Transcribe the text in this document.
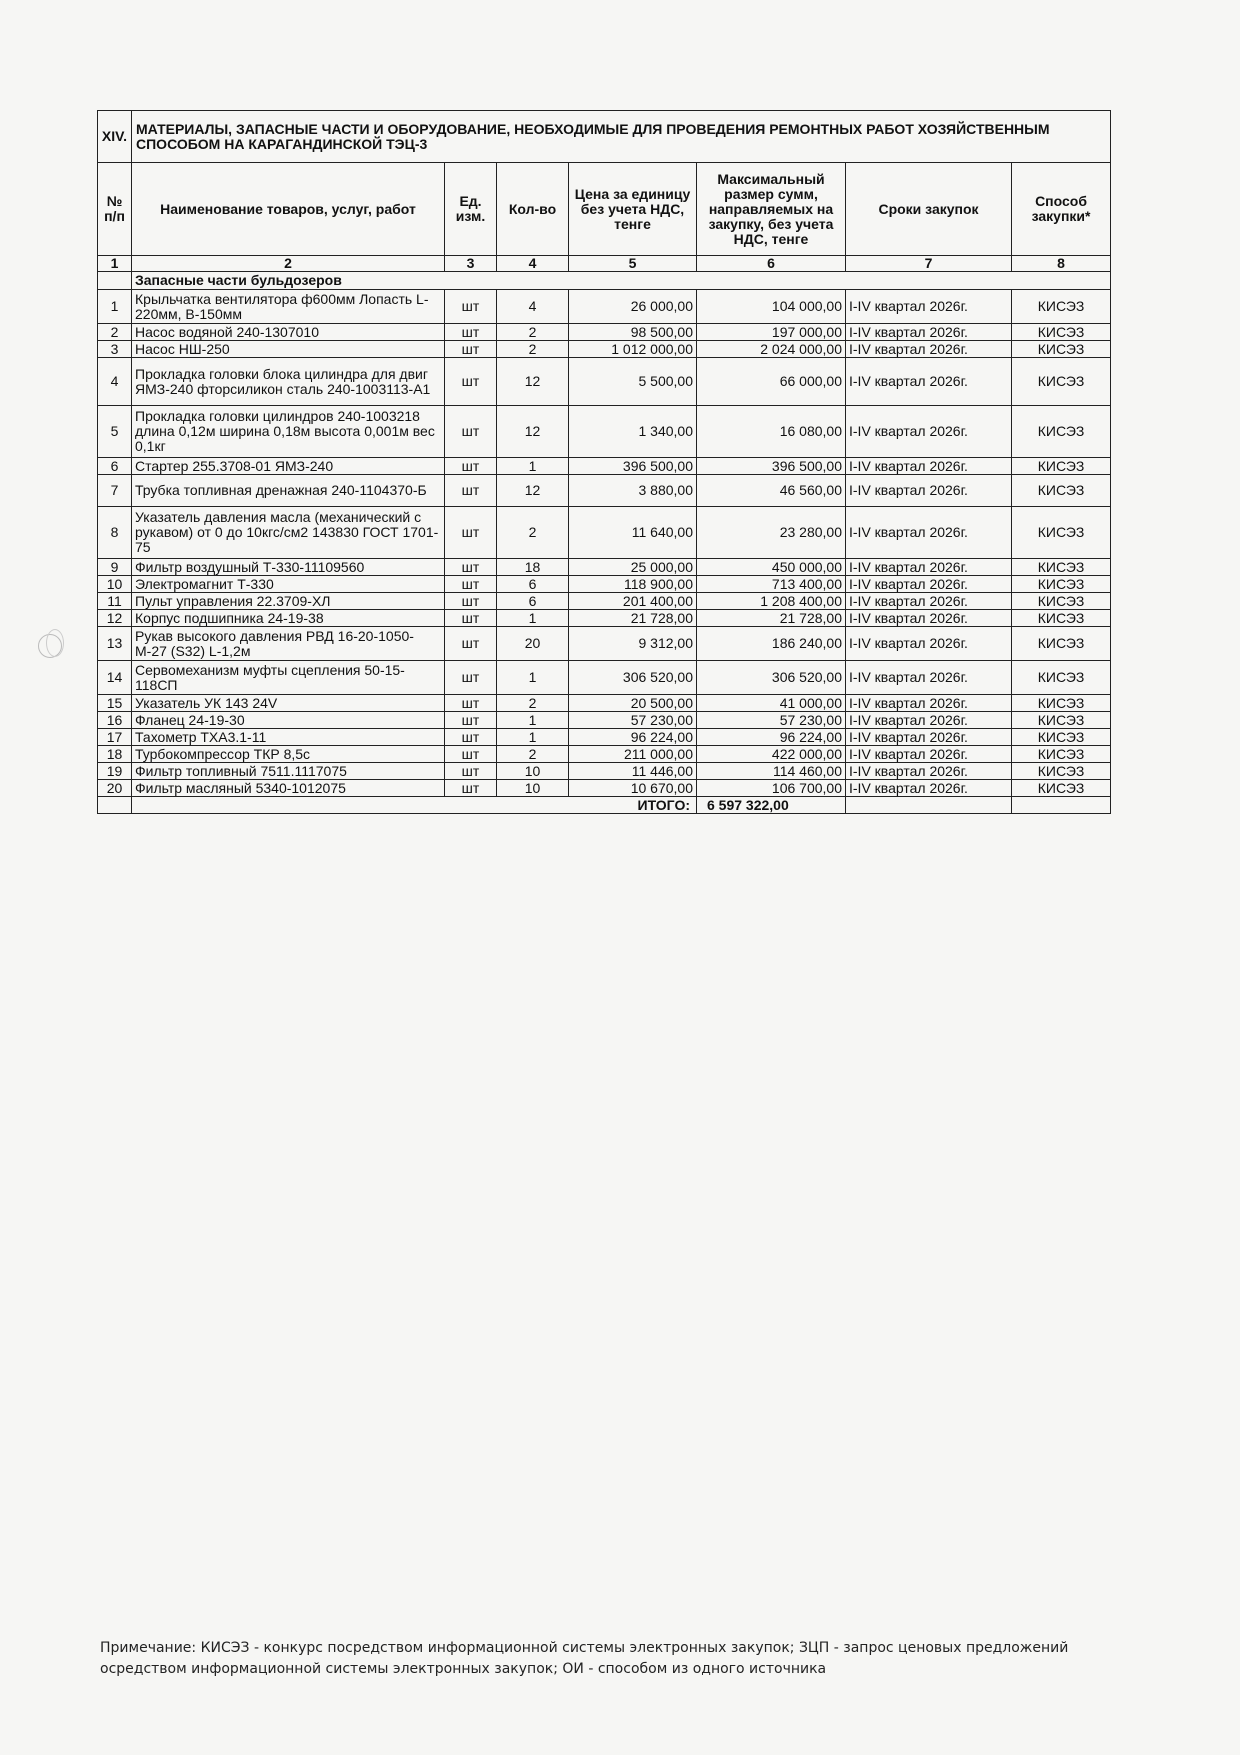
XIV.	МАТЕРИАЛЫ, ЗАПАСНЫЕ ЧАСТИ И ОБОРУДОВАНИЕ, НЕОБХОДИМЫЕ ДЛЯ ПРОВЕДЕНИЯ РЕМОНТНЫХ РАБОТ ХОЗЯЙСТВЕННЫМ СПОСОБОМ НА КАРАГАНДИНСКОЙ ТЭЦ-3						
№ п/п	Наименование товаров, услуг, работ	Ед. изм.	Кол-во	Цена за единицу без учета НДС, тенге	Максимальный размер сумм, направляемых на закупку, без учета НДС, тенге	Сроки закупок	Способ закупки*
1	2	3	4	5	6	7	8
	Запасные части бульдозеров						
1	Крыльчатка вентилятора ф600мм Лопасть L-220мм, B-150мм	шт	4	26 000,00	104 000,00	I-IV квартал 2026г.	КИСЭЗ
2	Насос водяной 240-1307010	шт	2	98 500,00	197 000,00	I-IV квартал 2026г.	КИСЭЗ
3	Насос НШ-250	шт	2	1 012 000,00	2 024 000,00	I-IV квартал 2026г.	КИСЭЗ
4	Прокладка головки блока цилиндра для двиг ЯМЗ-240 фторсиликон сталь 240-1003113-А1	шт	12	5 500,00	66 000,00	I-IV квартал 2026г.	КИСЭЗ
5	Прокладка головки цилиндров 240-1003218 длина 0,12м ширина 0,18м высота 0,001м вес 0,1кг	шт	12	1 340,00	16 080,00	I-IV квартал 2026г.	КИСЭЗ
6	Стартер 255.3708-01 ЯМЗ-240	шт	1	396 500,00	396 500,00	I-IV квартал 2026г.	КИСЭЗ
7	Трубка топливная дренажная 240-1104370-Б	шт	12	3 880,00	46 560,00	I-IV квартал 2026г.	КИСЭЗ
8	Указатель давления масла (механический с рукавом) от 0 до 10кгс/см2 143830 ГОСТ 1701-75	шт	2	11 640,00	23 280,00	I-IV квартал 2026г.	КИСЭЗ
9	Фильтр воздушный Т-330-11109560	шт	18	25 000,00	450 000,00	I-IV квартал 2026г.	КИСЭЗ
10	Электромагнит Т-330	шт	6	118 900,00	713 400,00	I-IV квартал 2026г.	КИСЭЗ
11	Пульт управления 22.3709-ХЛ	шт	6	201 400,00	1 208 400,00	I-IV квартал 2026г.	КИСЭЗ
12	Корпус подшипника 24-19-38	шт	1	21 728,00	21 728,00	I-IV квартал 2026г.	КИСЭЗ
13	Рукав высокого давления РВД 16-20-1050-М-27 (S32) L-1,2м	шт	20	9 312,00	186 240,00	I-IV квартал 2026г.	КИСЭЗ
14	Сервомеханизм муфты сцепления 50-15-118СП	шт	1	306 520,00	306 520,00	I-IV квартал 2026г.	КИСЭЗ
15	Указатель УК 143 24V	шт	2	20 500,00	41 000,00	I-IV квартал 2026г.	КИСЭЗ
16	Фланец 24-19-30	шт	1	57 230,00	57 230,00	I-IV квартал 2026г.	КИСЭЗ
17	Тахометр ТХА3.1-11	шт	1	96 224,00	96 224,00	I-IV квартал 2026г.	КИСЭЗ
18	Турбокомпрессор ТКР 8,5с	шт	2	211 000,00	422 000,00	I-IV квартал 2026г.	КИСЭЗ
19	Фильтр топливный 7511.1117075	шт	10	11 446,00	114 460,00	I-IV квартал 2026г.	КИСЭЗ
20	Фильтр масляный 5340-1012075	шт	10	10 670,00	106 700,00	I-IV квартал 2026г.	КИСЭЗ
	ИТОГО:				6 597 322,00		
Примечание: КИСЭЗ - конкурс посредством информационной системы электронных закупок; ЗЦП - запрос ценовых предложений осредством информационной системы электронных закупок; ОИ - способом из одного источника
